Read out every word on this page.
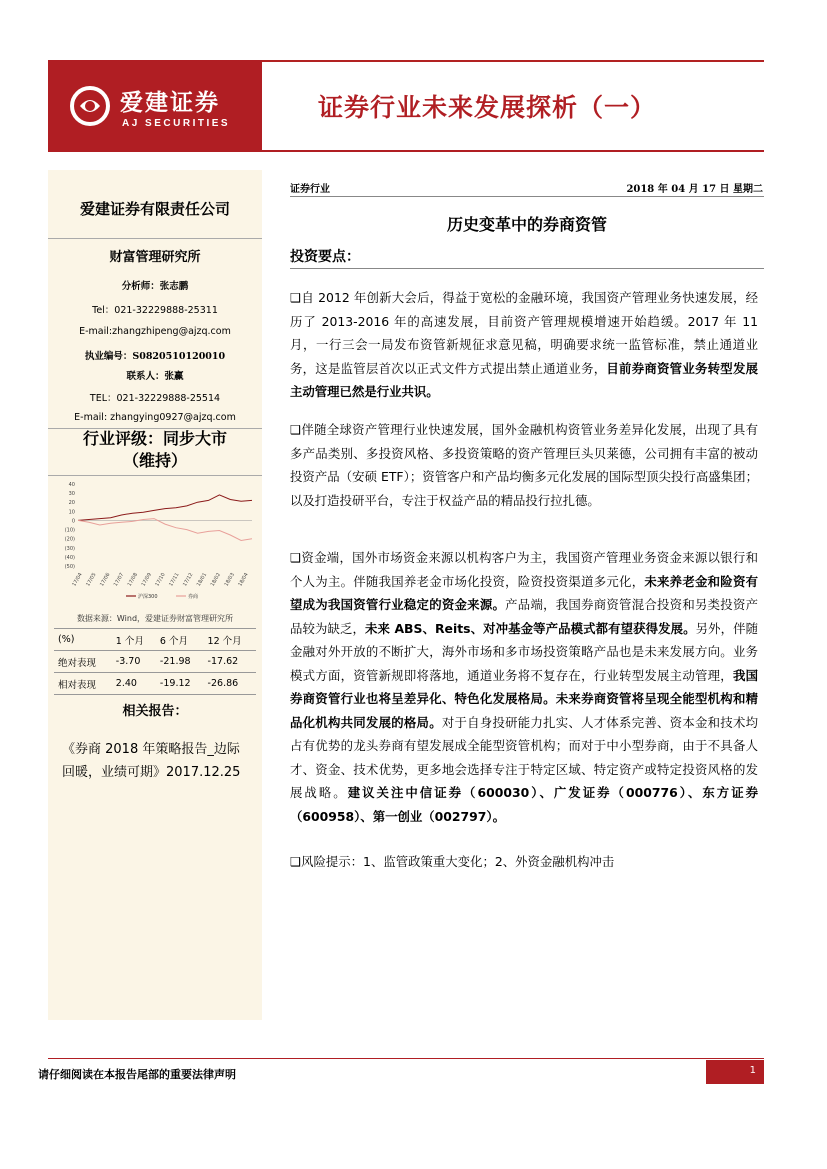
爱建证券
AJ SECURITIES
证券行业未来发展探析（一）
爱建证券有限责任公司
财富管理研究所
分析师：张志鹏
Tel：021-32229888-25311
E-mail:zhangzhipeng@ajzq.com
执业编号：S0820510120010
联系人：张赢
TEL：021-32229888-25514
E-mail: zhangying0927@ajzq.com
行业评级：同步大市
（维持）
40
30
20
10
0
(10)
(20)
(30)
(40)
(50)
17/04 17/05 17/06 17/07 17/08 17/09 17/10 17/11 17/12 18/01 18/02 18/03 18/04
沪深300	券商
数据来源：Wind，爱建证券财富管理研究所
(%)	1 个月	6 个月	12 个月
绝对表现	-3.70	-21.98	-17.62
相对表现	2.40	-19.12	-26.86
相关报告：
《券商 2018 年策略报告_边际回暖，业绩可期》2017.12.25
证券行业	2018 年 04 月 17 日 星期二
历史变革中的券商资管
投资要点：
❑自 2012 年创新大会后，得益于宽松的金融环境，我国资产管理业务快速发展，经历了 2013-2016 年的高速发展，目前资产管理规模增速开始趋缓。2017 年 11 月，一行三会一局发布资管新规征求意见稿，明确要求统一监管标准，禁止通道业务，这是监管层首次以正式文件方式提出禁止通道业务，目前券商资管业务转型发展主动管理已然是行业共识。
❑伴随全球资产管理行业快速发展，国外金融机构资管业务差异化发展，出现了具有多产品类别、多投资风格、多投资策略的资产管理巨头贝莱德，公司拥有丰富的被动投资产品（安硕 ETF）；资管客户和产品均衡多元化发展的国际型顶尖投行高盛集团；以及打造投研平台，专注于权益产品的精品投行拉扎德。
❑资金端，国外市场资金来源以机构客户为主，我国资产管理业务资金来源以银行和个人为主。伴随我国养老金市场化投资，险资投资渠道多元化，未来养老金和险资有望成为我国资管行业稳定的资金来源。产品端，我国券商资管混合投资和另类投资产品较为缺乏，未来 ABS、Reits、对冲基金等产品模式都有望获得发展。另外，伴随金融对外开放的不断扩大，海外市场和多市场投资策略产品也是未来发展方向。业务模式方面，资管新规即将落地，通道业务将不复存在，行业转型发展主动管理，我国券商资管行业也将呈差异化、特色化发展格局。未来券商资管将呈现全能型机构和精品化机构共同发展的格局。对于自身投研能力扎实、人才体系完善、资本金和技术均占有优势的龙头券商有望发展成全能型资管机构；而对于中小型券商，由于不具备人才、资金、技术优势，更多地会选择专注于特定区域、特定资产或特定投资风格的发展战略。建议关注中信证券（600030）、广发证券（000776）、东方证券（600958）、第一创业（002797）。
❑风险提示：1、监管政策重大变化；2、外资金融机构冲击
请仔细阅读在本报告尾部的重要法律声明	1
